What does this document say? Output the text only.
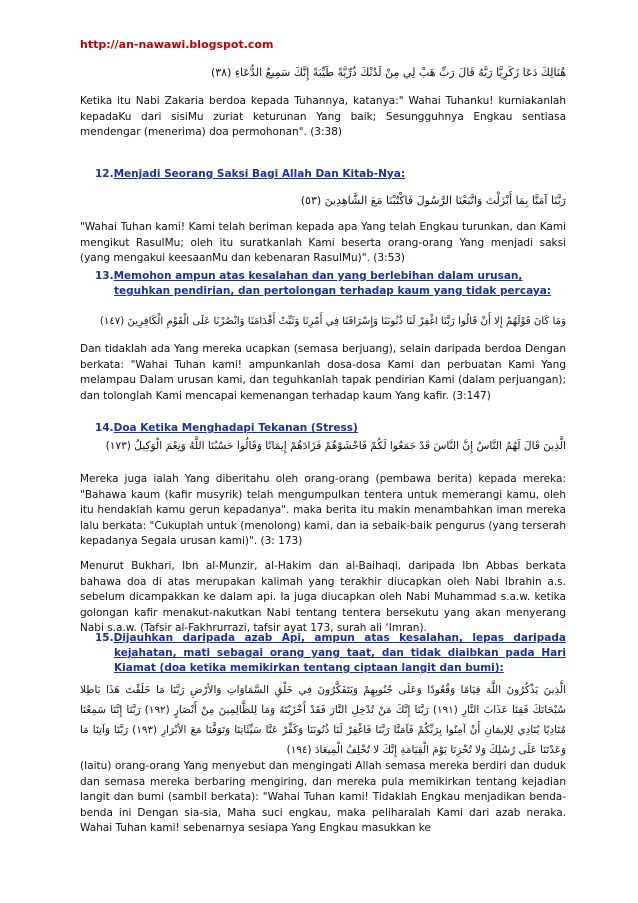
http://an-nawawi.blogspot.com
هُنَالِكَ دَعَا زَكَرِيَّا رَبَّهُ قَالَ رَبِّ هَبْ لِي مِنْ لَدُنْكَ ذُرِّيَّةً طَيِّبَةً إِنَّكَ سَمِيعُ الدُّعَاءِ (٣٨)

Ketika itu Nabi Zakaria berdoa kepada Tuhannya, katanya:" Wahai Tuhanku! kurniakanlah kepadaKu dari sisiMu zuriat keturunan Yang baik; Sesungguhnya Engkau sentiasa mendengar (menerima) doa permohonan". (3:38)

12.Menjadi Seorang Saksi Bagi Allah Dan Kitab-Nya:
رَبَّنَا آمَنَّا بِمَا أَنْزَلْتَ وَاتَّبَعْنَا الرَّسُولَ فَاكْتُبْنَا مَعَ الشَّاهِدِينَ (٥٣)

"Wahai Tuhan kami! Kami telah beriman kepada apa Yang telah Engkau turunkan, dan Kami mengikut RasulMu; oleh itu suratkanlah Kami beserta orang-orang Yang menjadi saksi (yang mengakui keesaanMu dan kebenaran RasulMu)". (3:53)

13.Memohon ampun atas kesalahan dan yang berlebihan dalam urusan, teguhkan pendirian, dan pertolongan terhadap kaum yang tidak percaya:
وَمَا كَانَ قَوْلَهُمْ إِلا أَنْ قَالُوا رَبَّنَا اغْفِرْ لَنَا ذُنُوبَنَا وَإِسْرَافَنَا فِي أَمْرِنَا وَثَبِّتْ أَقْدَامَنَا وَانْصُرْنَا عَلَى الْقَوْمِ الْكَافِرِينَ (١٤٧)

Dan tidaklah ada Yang mereka ucapkan (semasa berjuang), selain daripada berdoa Dengan berkata: "Wahai Tuhan kami! ampunkanlah dosa-dosa Kami dan perbuatan Kami Yang melampau Dalam urusan kami, dan teguhkanlah tapak pendirian Kami (dalam perjuangan); dan tolonglah Kami mencapai kemenangan terhadap kaum Yang kafir. (3:147)

14.Doa Ketika Menghadapi Tekanan (Stress)
الَّذِينَ قَالَ لَهُمُ النَّاسُ إِنَّ النَّاسَ قَدْ جَمَعُوا لَكُمْ فَاخْشَوْهُمْ فَزَادَهُمْ إِيمَانًا وَقَالُوا حَسْبُنَا اللَّهُ وَنِعْمَ الْوَكِيلُ (١٧٣)

Mereka juga ialah Yang diberitahu oleh orang-orang (pembawa berita) kepada mereka: "Bahawa kaum (kafir musyrik) telah mengumpulkan tentera untuk memerangi kamu, oleh itu hendaklah kamu gerun kepadanya". maka berita itu makin menambahkan iman mereka lalu berkata: "Cukuplah untuk (menolong) kami, dan ia sebaik-baik pengurus (yang terserah kepadanya Segala urusan kami)". (3: 173)

Menurut Bukhari, Ibn al-Munzir, al-Hakim dan al-Baihaqi, daripada Ibn Abbas berkata bahawa doa di atas merupakan kalimah yang terakhir diucapkan oleh Nabi Ibrahin a.s. sebelum dicampakkan ke dalam api. Ia juga diucapkan oleh Nabi Muhammad s.a.w. ketika golongan kafir menakut-nakutkan Nabi tentang tentera bersekutu yang akan menyerang Nabi s.a.w. (Tafsir al-Fakhrurrazi, tafsir ayat 173, surah ali ‘Imran).

15.Dijauhkan daripada azab Api, ampun atas kesalahan, lepas daripada kejahatan, mati sebagai orang yang taat, dan tidak diaibkan pada Hari Kiamat (doa ketika memikirkan tentang ciptaan langit dan bumi):
الَّذِينَ يَذْكُرُونَ اللَّهَ قِيَامًا وَقُعُودًا وَعَلَى جُنُوبِهِمْ وَيَتَفَكَّرُونَ فِي خَلْقِ السَّمَاوَاتِ وَالأرْضِ رَبَّنَا مَا خَلَقْتَ هَذَا بَاطِلا سُبْحَانَكَ فَقِنَا عَذَابَ النَّارِ (١٩١) رَبَّنَا إِنَّكَ مَنْ تُدْخِلِ النَّارَ فَقَدْ أَخْزَيْتَهُ وَمَا لِلظَّالِمِينَ مِنْ أَنْصَارٍ (١٩٢) رَبَّنَا إِنَّنَا سَمِعْنَا مُنَادِيًا يُنَادِي لِلإيمَانِ أَنْ آمِنُوا بِرَبِّكُمْ فَآمَنَّا رَبَّنَا فَاغْفِرْ لَنَا ذُنُوبَنَا وَكَفِّرْ عَنَّا سَيِّئَاتِنَا وَتَوَفَّنَا مَعَ الأبْرَارِ (١٩٣) رَبَّنَا وَآتِنَا مَا وَعَدْتَنَا عَلَى رُسُلِكَ وَلا تُخْزِنَا يَوْمَ الْقِيَامَةِ إِنَّكَ لا تُخْلِفُ الْمِيعَادَ (١٩٤)

(Iaitu) orang-orang Yang menyebut dan mengingati Allah semasa mereka berdiri dan duduk dan semasa mereka berbaring mengiring, dan mereka pula memikirkan tentang kejadian langit dan bumi (sambil berkata): "Wahai Tuhan kami! Tidaklah Engkau menjadikan benda-benda ini Dengan sia-sia, Maha suci engkau, maka peliharalah Kami dari azab neraka. Wahai Tuhan kami! sebenarnya sesiapa Yang Engkau masukkan ke
